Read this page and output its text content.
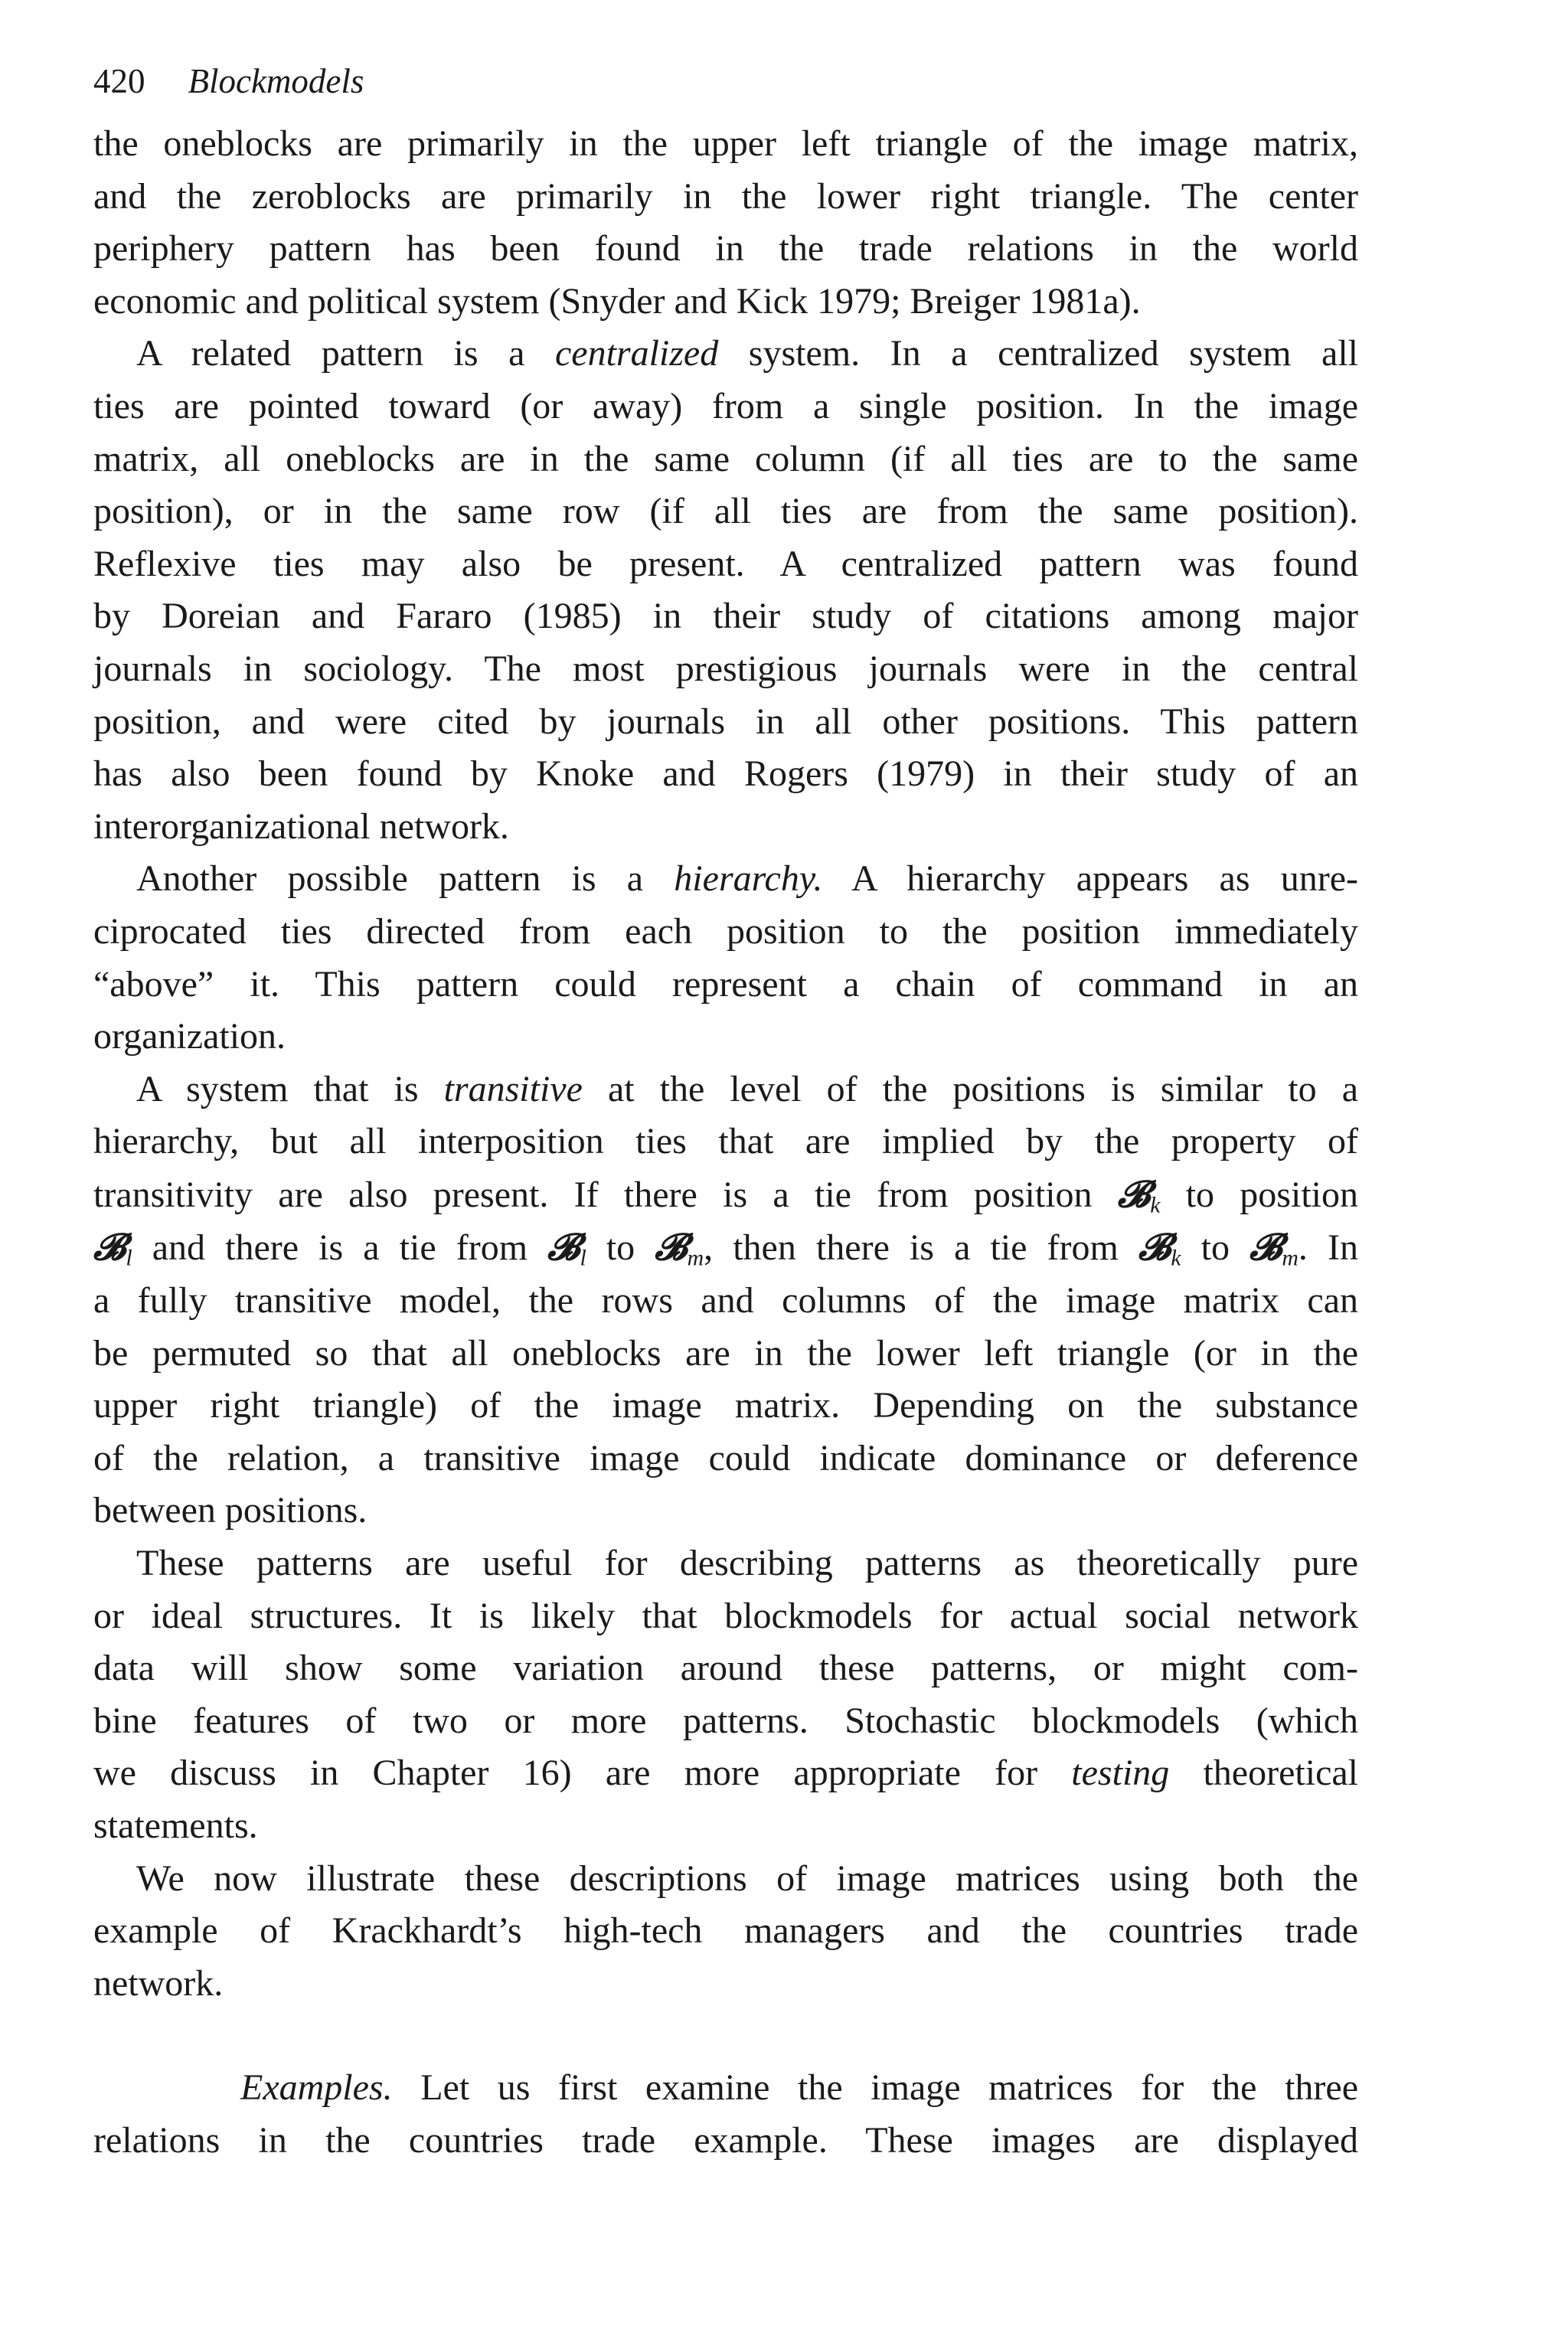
420 Blockmodels

the oneblocks are primarily in the upper left triangle of the image matrix,
and the zeroblocks are primarily in the lower right triangle. The center
periphery pattern has been found in the trade relations in the world
economic and political system (Snyder and Kick 1979; Breiger 1981a).

A related pattern is a centralized system. In a centralized system all
ties are pointed toward (or away) from a single position. In the image
matrix, all oneblocks are in the same column (if all ties are to the same
position), or in the same row (if all ties are from the same position).
Reflexive ties may also be present. A centralized pattern was found
by Doreian and Fararo (1985) in their study of citations among major
journals in sociology. The most prestigious journals were in the central
position, and were cited by journals in all other positions. This pattern
has also been found by Knoke and Rogers (1979) in their study of an
interorganizational network.

Another possible pattern is a hierarchy. A hierarchy appears as unre-
ciprocated ties directed from each position to the position immediately
“above” it. This pattern could represent a chain of command in an
organization.

A system that is transitive at the level of the positions is similar to a
hierarchy, but all interposition ties that are implied by the property of
transitivity are also present. If there is a tie from position 𝓑$_k$ to position
𝓑$_l$ and there is a tie from 𝓑$_l$ to 𝓑$_m$, then there is a tie from 𝓑$_k$ to 𝓑$_m$. In
a fully transitive model, the rows and columns of the image matrix can
be permuted so that all oneblocks are in the lower left triangle (or in the
upper right triangle) of the image matrix. Depending on the substance
of the relation, a transitive image could indicate dominance or deference
between positions.

These patterns are useful for describing patterns as theoretically pure
or ideal structures. It is likely that blockmodels for actual social network
data will show some variation around these patterns, or might com-
bine features of two or more patterns. Stochastic blockmodels (which
we discuss in Chapter 16) are more appropriate for testing theoretical
statements.

We now illustrate these descriptions of image matrices using both the
example of Krackhardt’s high-tech managers and the countries trade
network.

Examples. Let us first examine the image matrices for the three
relations in the countries trade example. These images are displayed
